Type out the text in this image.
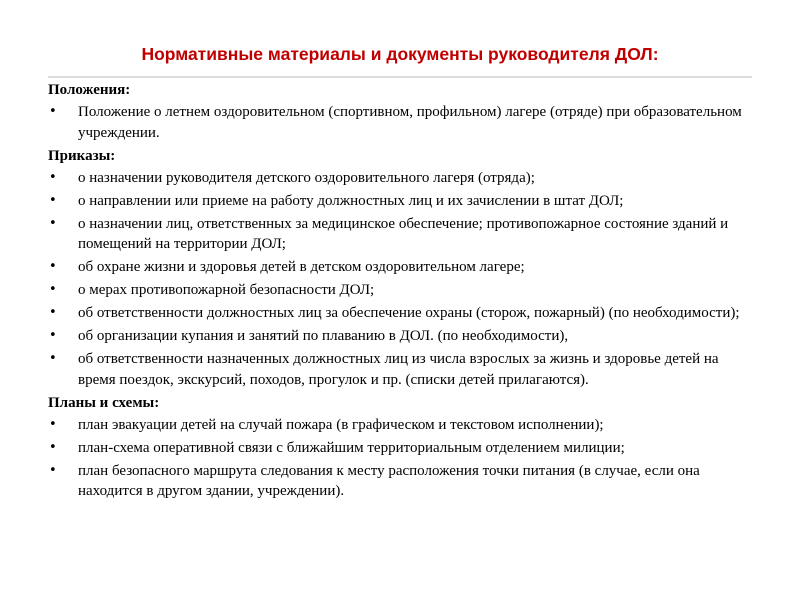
Нормативные материалы и документы руководителя ДОЛ:
Положения:
• Положение о летнем оздоровительном (спортивном, профильном) лагере (отряде) при образовательном учреждении.
Приказы:
• о назначении руководителя детского оздоровительного лагеря (отряда);
• о направлении или приеме на работу должностных лиц и их зачислении в штат ДОЛ;
• о назначении лиц, ответственных за медицинское обеспечение; противопожарное состояние зданий и помещений на территории ДОЛ;
• об охране жизни и здоровья детей в детском оздоровительном лагере;
• о мерах противопожарной безопасности ДОЛ;
• об ответственности должностных лиц за обеспечение охраны (сторож, пожарный) (по необходимости);
• об организации купания и занятий по плаванию в ДОЛ. (по необходимости),
• об ответственности назначенных должностных лиц из числа взрослых за жизнь и здоровье детей на время поездок, экскурсий, походов, прогулок и пр. (списки детей прилагаются).
Планы и схемы:
• план эвакуации детей на случай пожара (в графическом и текстовом исполнении);
• план-схема оперативной связи с ближайшим территориальным отделением милиции;
• план безопасного маршрута следования к месту расположения точки питания (в случае, если она находится в другом здании, учреждении).
